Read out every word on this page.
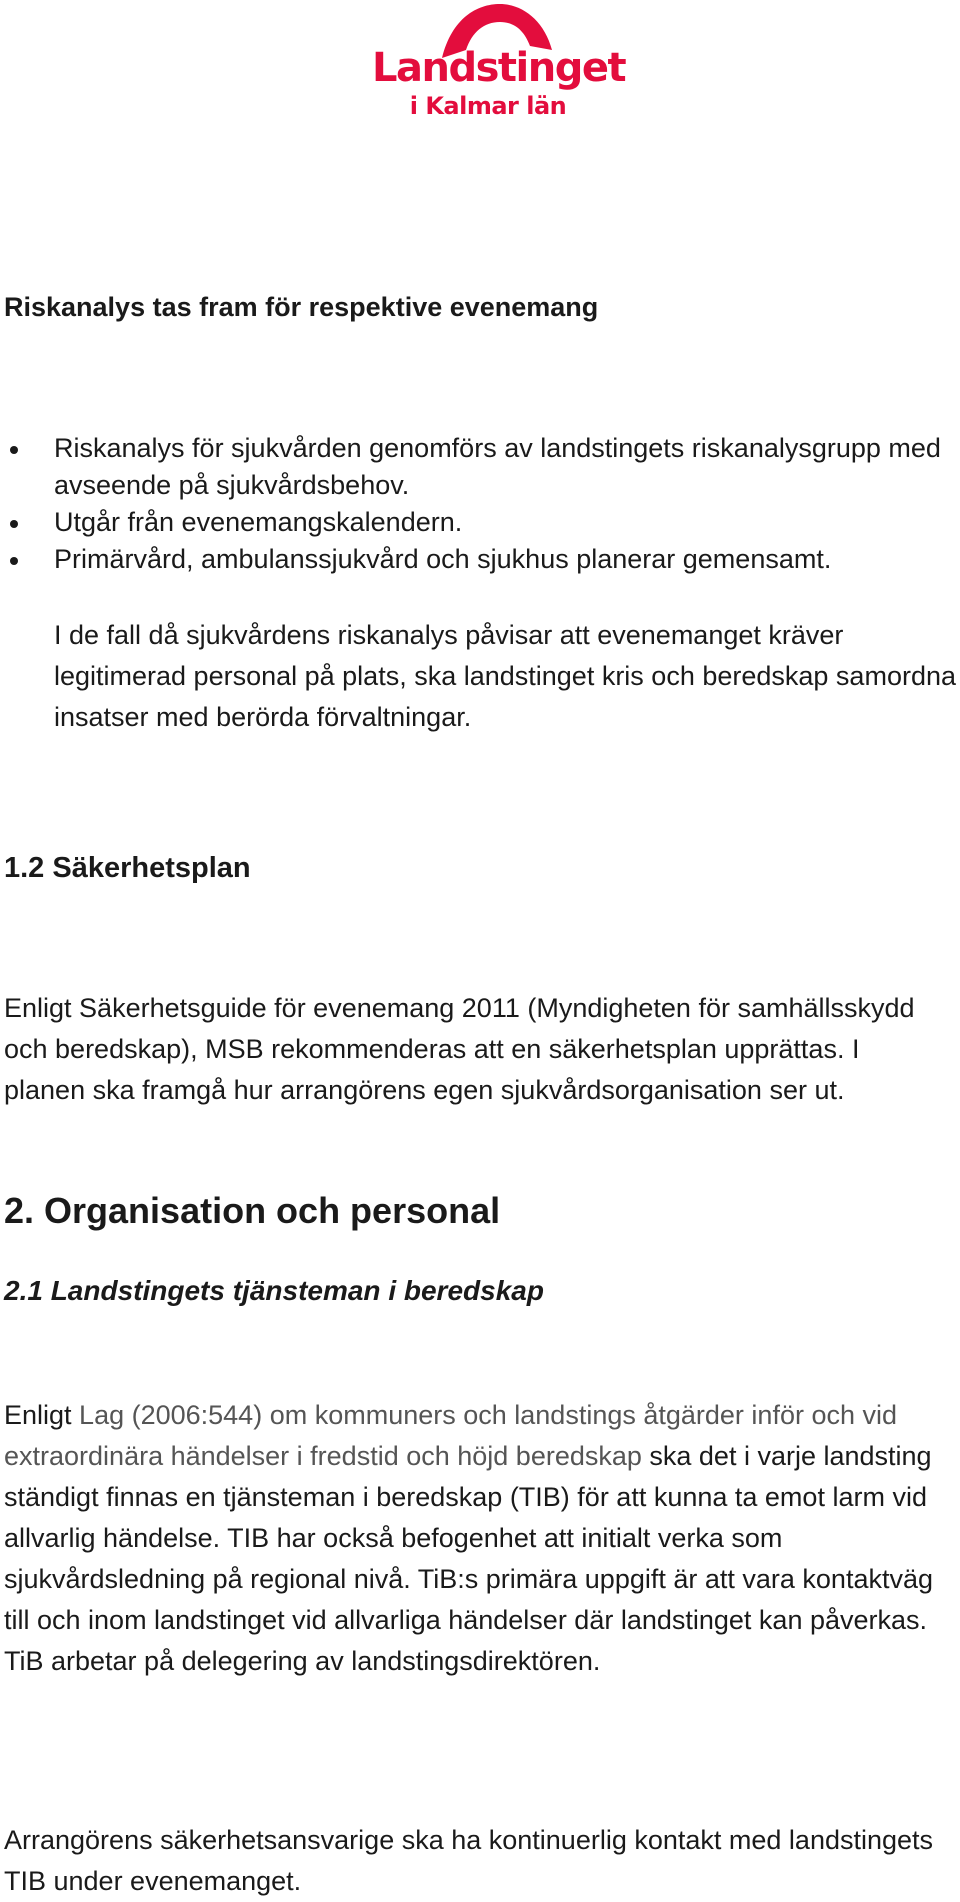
Landstinget
i Kalmar län
Riskanalys tas fram för respektive evenemang
Riskanalys för sjukvården genomförs av landstingets riskanalysgrupp med avseende på sjukvårdsbehov.
Utgår från evenemangskalendern.
Primärvård, ambulanssjukvård och sjukhus planerar gemensamt.

I de fall då sjukvårdens riskanalys påvisar att evenemanget kräver legitimerad personal på plats, ska landstinget kris och beredskap samordna insatser med berörda förvaltningar.

1.2 Säkerhetsplan

Enligt Säkerhetsguide för evenemang 2011 (Myndigheten för samhällsskydd och beredskap), MSB rekommenderas att en säkerhetsplan upprättas. I planen ska framgå hur arrangörens egen sjukvårdsorganisation ser ut.

2. Organisation och personal
2.1 Landstingets tjänsteman i beredskap

Enligt Lag (2006:544) om kommuners och landstings åtgärder inför och vid extraordinära händelser i fredstid och höjd beredskap ska det i varje landsting ständigt finnas en tjänsteman i beredskap (TIB) för att kunna ta emot larm vid allvarlig händelse. TIB har också befogenhet att initialt verka som sjukvårdsledning på regional nivå. TiB:s primära uppgift är att vara kontaktväg till och inom landstinget vid allvarliga händelser där landstinget kan påverkas. TiB arbetar på delegering av landstingsdirektören.

Arrangörens säkerhetsansvarige ska ha kontinuerlig kontakt med landstingets TIB under evenemanget.
